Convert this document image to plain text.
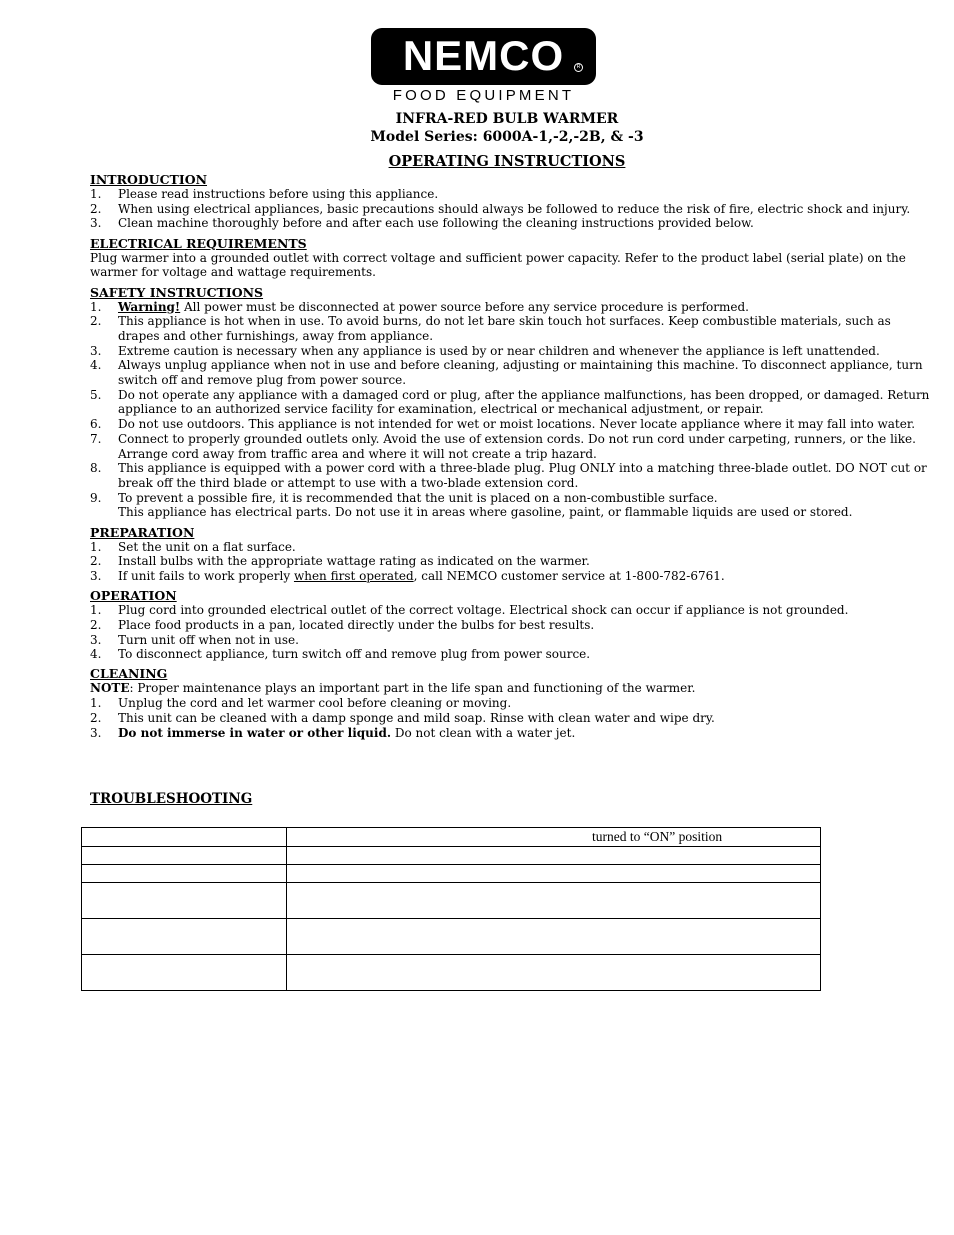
NEMCO	R
FOOD EQUIPMENT
INFRA-RED BULB WARMER
Model Series: 6000A-1,-2,-2B, & -3
OPERATING INSTRUCTIONS

INTRODUCTION

1.	Please read instructions before using this appliance.
2.	When using electrical appliances, basic precautions should always be followed to reduce the risk of fire, electric shock and injury.
3.	Clean machine thoroughly before and after each use following the cleaning instructions provided below.

ELECTRICAL REQUIREMENTS

Plug warmer into a grounded outlet with correct voltage and sufficient power capacity. Refer to the product label (serial plate) on the warmer for voltage and wattage requirements.

SAFETY INSTRUCTIONS

1.	Warning! All power must be disconnected at power source before any service procedure is performed.
2.	This appliance is hot when in use. To avoid burns, do not let bare skin touch hot surfaces. Keep combustible materials, such as drapes and other furnishings, away from appliance.
3.	Extreme caution is necessary when any appliance is used by or near children and whenever the appliance is left unattended.
4.	Always unplug appliance when not in use and before cleaning, adjusting or maintaining this machine. To disconnect appliance, turn switch off and remove plug from power source.
5.	Do not operate any appliance with a damaged cord or plug, after the appliance malfunctions, has been dropped, or damaged. Return appliance to an authorized service facility for examination, electrical or mechanical adjustment, or repair.
6.	Do not use outdoors. This appliance is not intended for wet or moist locations. Never locate appliance where it may fall into water.
7.	Connect to properly grounded outlets only. Avoid the use of extension cords. Do not run cord under carpeting, runners, or the like. Arrange cord away from traffic area and where it will not create a trip hazard.
8.	This appliance is equipped with a power cord with a three-blade plug. Plug ONLY into a matching three-blade outlet. DO NOT cut or break off the third blade or attempt to use with a two-blade extension cord.
9.	To prevent a possible fire, it is recommended that the unit is placed on a non-combustible surface.
This appliance has electrical parts. Do not use it in areas where gasoline, paint, or flammable liquids are used or stored.

PREPARATION

1.	Set the unit on a flat surface.
2.	Install bulbs with the appropriate wattage rating as indicated on the warmer.
3.	If unit fails to work properly when first operated, call NEMCO customer service at 1-800-782-6761.

OPERATION

1.	Plug cord into grounded electrical outlet of the correct voltage. Electrical shock can occur if appliance is not grounded.
2.	Place food products in a pan, located directly under the bulbs for best results.
3.	Turn unit off when not in use.
4.	To disconnect appliance, turn switch off and remove plug from power source.

CLEANING

NOTE: Proper maintenance plays an important part in the life span and functioning of the warmer.

1.	Unplug the cord and let warmer cool before cleaning or moving.
2.	This unit can be cleaned with a damp sponge and mild soap. Rinse with clean water and wipe dry.
3.	Do not immerse in water or other liquid. Do not clean with a water jet.
TROUBLESHOOTING
	turned to “ON” position
